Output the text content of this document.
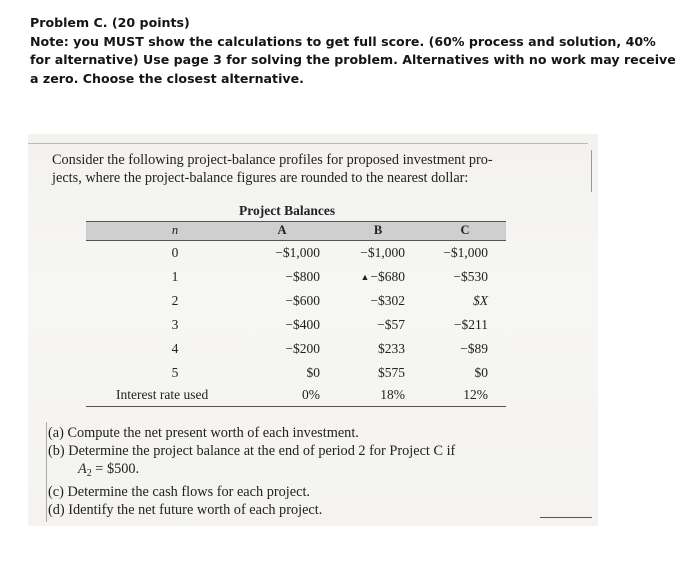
Problem C. (20 points)
Note: you MUST show the calculations to get full score. (60% process and solution, 40%
for alternative) Use page 3 for solving the problem. Alternatives with no work may receive
a zero. Choose the closest alternative.
Consider the following project-balance profiles for proposed investment pro-
jects, where the project-balance figures are rounded to the nearest dollar:
Project Balances
n	A	B	C
0	−$1,000	−$1,000	−$1,000
1	−$800	▲−$680	−$530
2	−$600	−$302	$X
3	−$400	−$57	−$211
4	−$200	$233	−$89
5	$0	$575	$0
Interest rate used	0%	18%	12%
(a) Compute the net present worth of each investment.
(b) Determine the project balance at the end of period 2 for Project C if
$A_2$ = $500.
(c) Determine the cash flows for each project.
(d) Identify the net future worth of each project.
